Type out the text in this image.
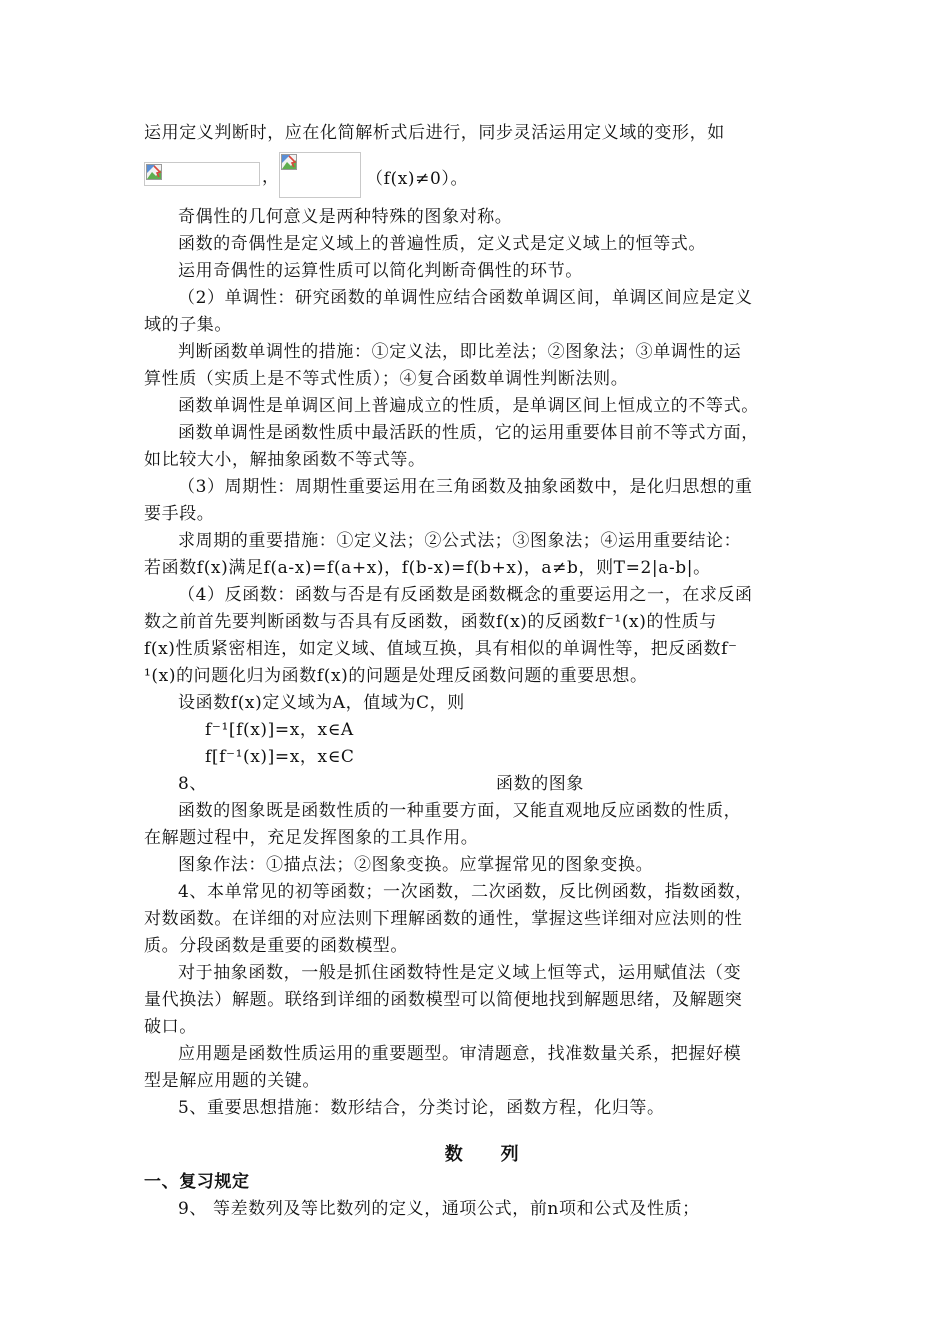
运用定义判断时，应在化简解析式后进行，同步灵活运用定义域的变形，如
，	（f(x)≠0）。
奇偶性的几何意义是两种特殊的图象对称。
函数的奇偶性是定义域上的普遍性质，定义式是定义域上的恒等式。
运用奇偶性的运算性质可以简化判断奇偶性的环节。
（2）单调性：研究函数的单调性应结合函数单调区间，单调区间应是定义
域的子集。
判断函数单调性的措施：①定义法，即比差法；②图象法；③单调性的运
算性质（实质上是不等式性质）；④复合函数单调性判断法则。
函数单调性是单调区间上普遍成立的性质，是单调区间上恒成立的不等式。
函数单调性是函数性质中最活跃的性质，它的运用重要体目前不等式方面，
如比较大小，解抽象函数不等式等。
（3）周期性：周期性重要运用在三角函数及抽象函数中，是化归思想的重
要手段。
求周期的重要措施：①定义法；②公式法；③图象法；④运用重要结论：
若函数f(x)满足f(a-x)=f(a+x)，f(b-x)=f(b+x)，a≠b，则T=2|a-b|。
（4）反函数：函数与否是有反函数是函数概念的重要运用之一，在求反函
数之前首先要判断函数与否具有反函数，函数f(x)的反函数f⁻¹(x)的性质与
f(x)性质紧密相连，如定义域、值域互换，具有相似的单调性等，把反函数f⁻
¹(x)的问题化归为函数f(x)的问题是处理反函数问题的重要思想。
设函数f(x)定义域为A，值域为C，则
f⁻¹[f(x)]=x，x∈A
f[f⁻¹(x)]=x，x∈C
8、	函数的图象
函数的图象既是函数性质的一种重要方面，又能直观地反应函数的性质，
在解题过程中，充足发挥图象的工具作用。
图象作法：①描点法；②图象变换。应掌握常见的图象变换。
4、本单常见的初等函数；一次函数，二次函数，反比例函数，指数函数，
对数函数。在详细的对应法则下理解函数的通性，掌握这些详细对应法则的性
质。分段函数是重要的函数模型。
对于抽象函数，一般是抓住函数特性是定义域上恒等式，运用赋值法（变
量代换法）解题。联络到详细的函数模型可以简便地找到解题思绪，及解题突
破口。
应用题是函数性质运用的重要题型。审清题意，找准数量关系，把握好模
型是解应用题的关键。
5、重要思想措施：数形结合，分类讨论，函数方程，化归等。
数　　列
一、复习规定
9、 等差数列及等比数列的定义，通项公式，前n项和公式及性质；
